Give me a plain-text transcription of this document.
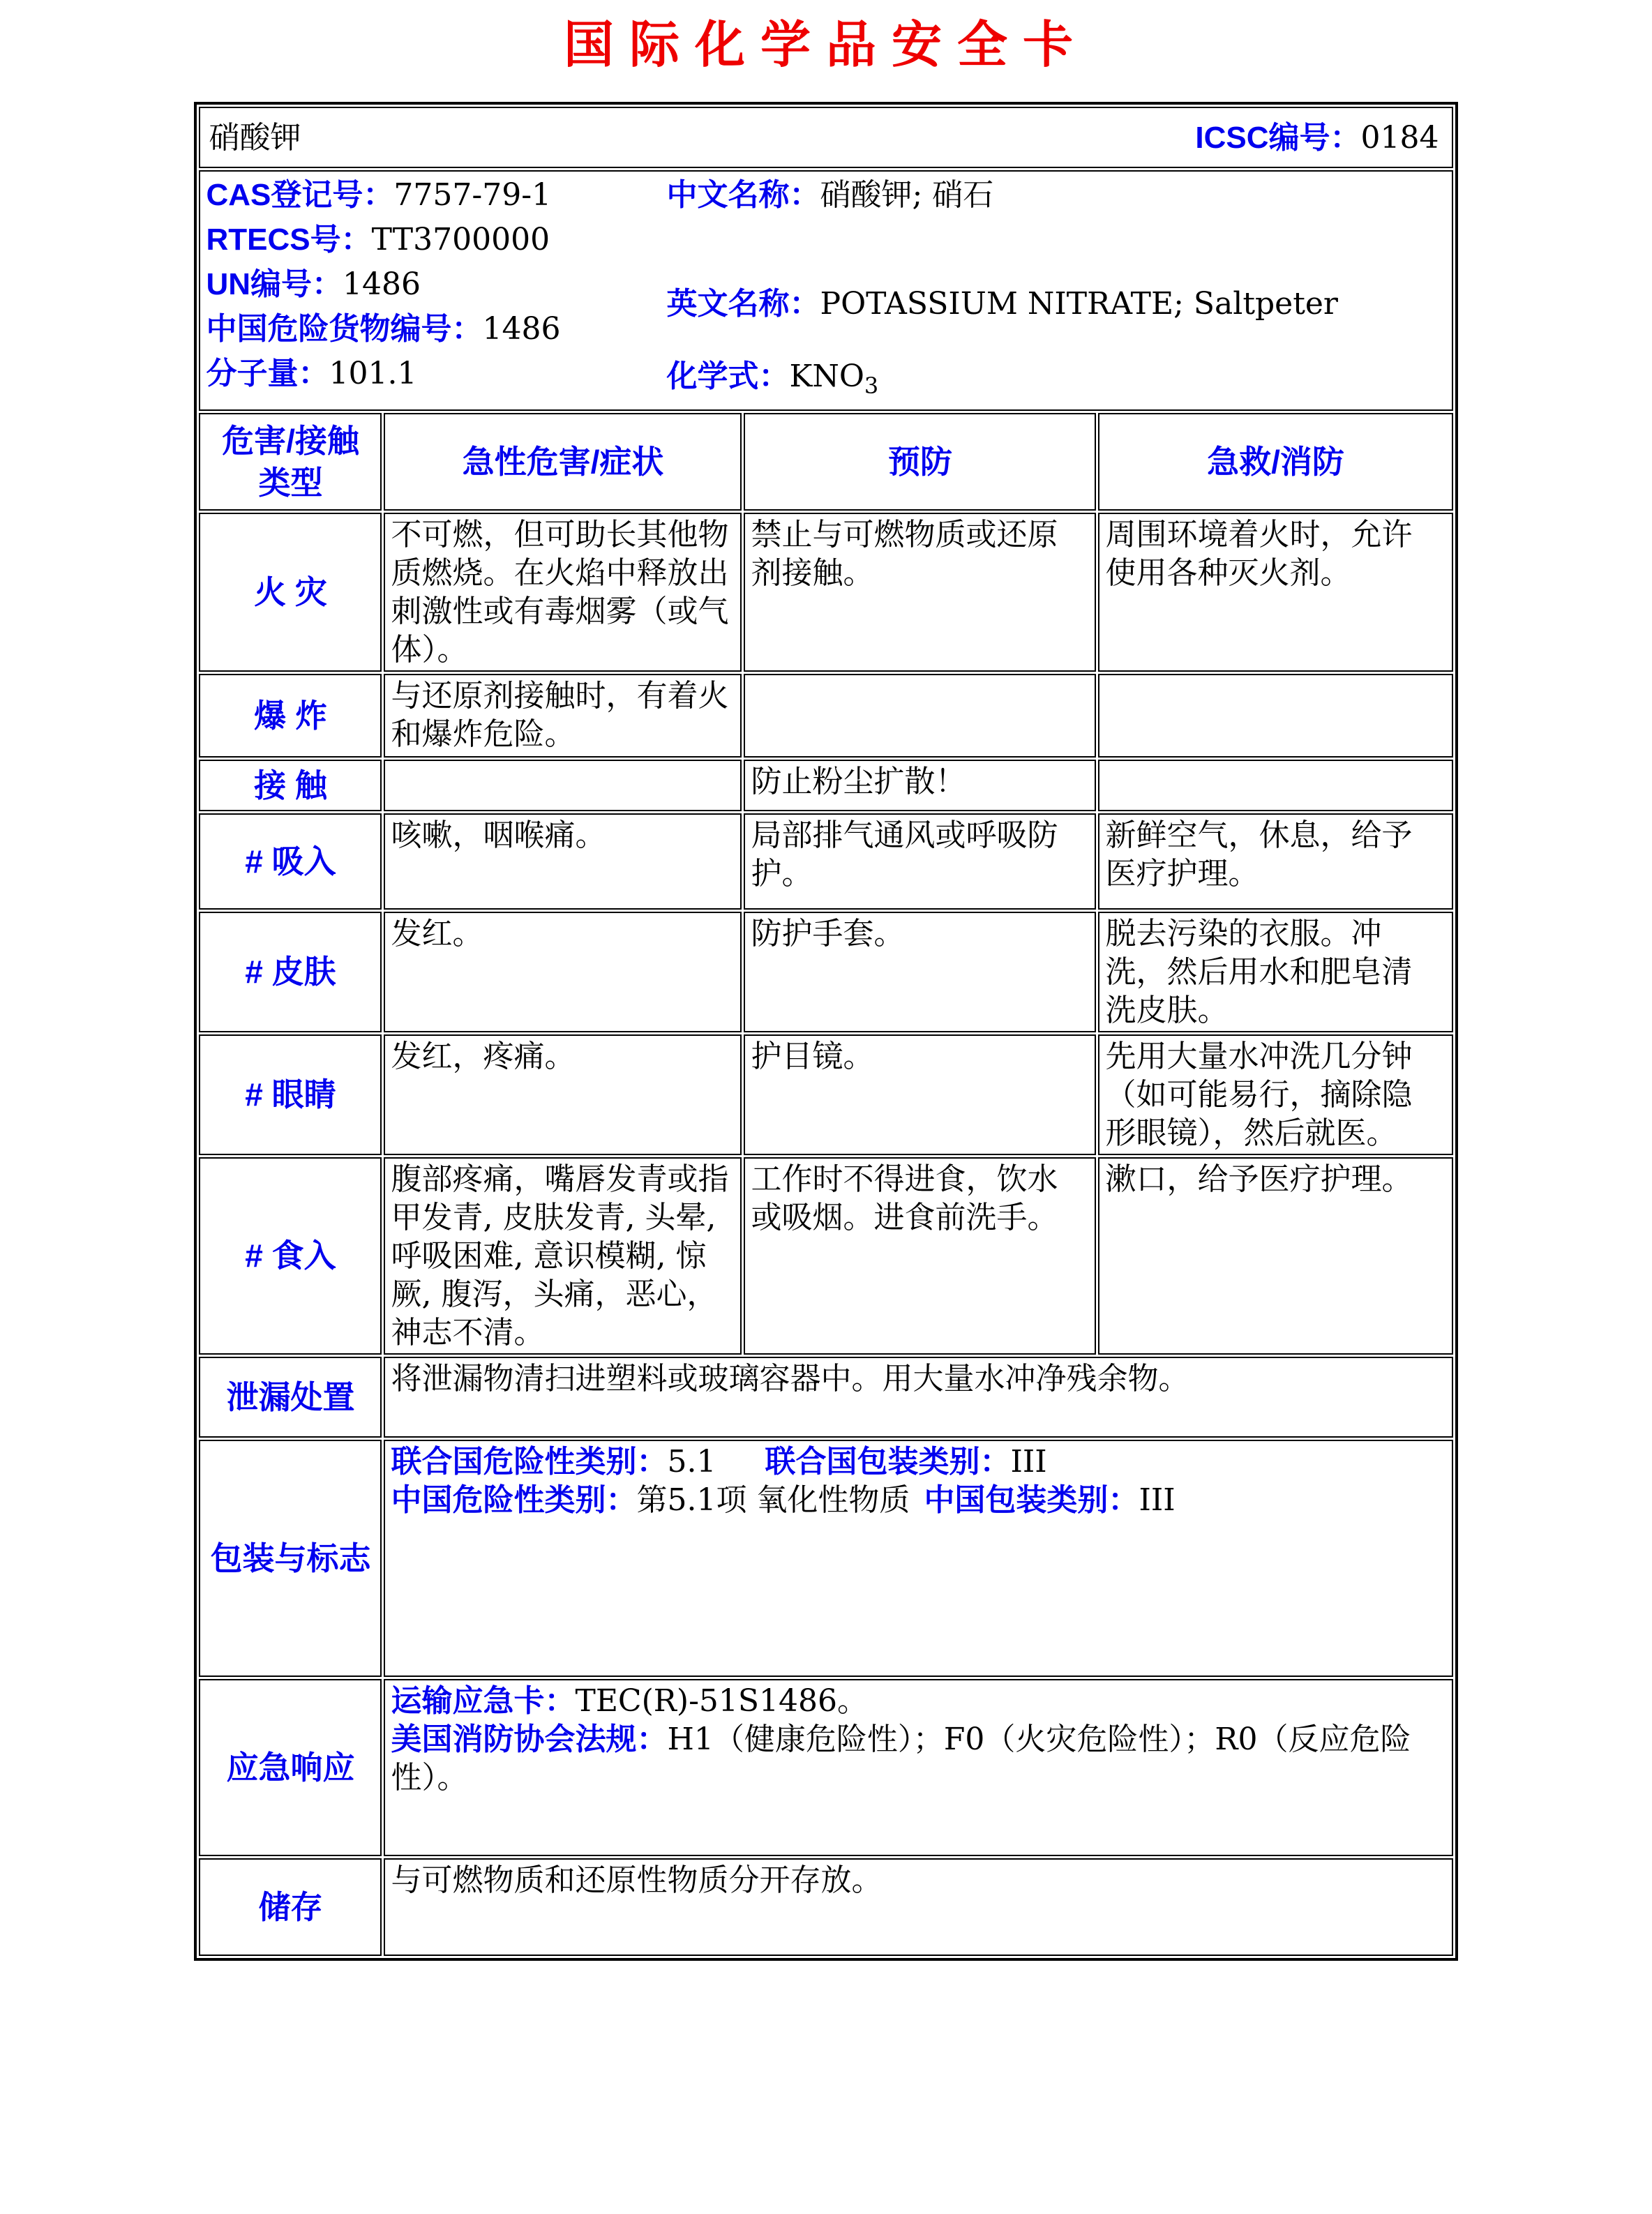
国际化学品安全卡
硝酸钾 ICSC编号：0184			

CAS登记号：7757-79-1
RTECS号：TT3700000
UN编号：1486
中国危险货物编号：1486
分子量：101.1
中文名称：硝酸钾; 硝石
英文名称：POTASSIUM NITRATE; Saltpeter
化学式：$KNO_3$

危害/接触
类型	急性危害/症状	预防	急救/消防
火 灾	不可燃，但可助长其他物质燃烧。在火焰中释放出刺激性或有毒烟雾（或气体）。	禁止与可燃物质或还原剂接触。	周围环境着火时，允许使用各种灭火剂。
爆 炸	与还原剂接触时，有着火和爆炸危险。		
接 触		防止粉尘扩散！	
# 吸入	咳嗽，咽喉痛。	局部排气通风或呼吸防护。	新鲜空气，休息，给予医疗护理。
# 皮肤	发红。	防护手套。	脱去污染的衣服。冲洗，然后用水和肥皂清洗皮肤。
# 眼睛	发红，疼痛。	护目镜。	先用大量水冲洗几分钟（如可能易行，摘除隐形眼镜），然后就医。
# 食入	腹部疼痛，嘴唇发青或指甲发青, 皮肤发青, 头晕, 呼吸困难, 意识模糊, 惊厥, 腹泻，头痛，恶心，神志不清。	工作时不得进食，饮水或吸烟。进食前洗手。	漱口，给予医疗护理。
泄漏处置	将泄漏物清扫进塑料或玻璃容器中。用大量水冲净残余物。		
包装与标志	联合国危险性类别：5.1 联合国包装类别：III
中国危险性类别：第5.1项 氧化性物质 中国包装类别：III		

应急响应	运输应急卡：TEC(R)-51S1486。
美国消防协会法规：H1（健康危险性）；F0（火灾危险性）；R0（反应危险性）。		

储存	与可燃物质和还原性物质分开存放。		
